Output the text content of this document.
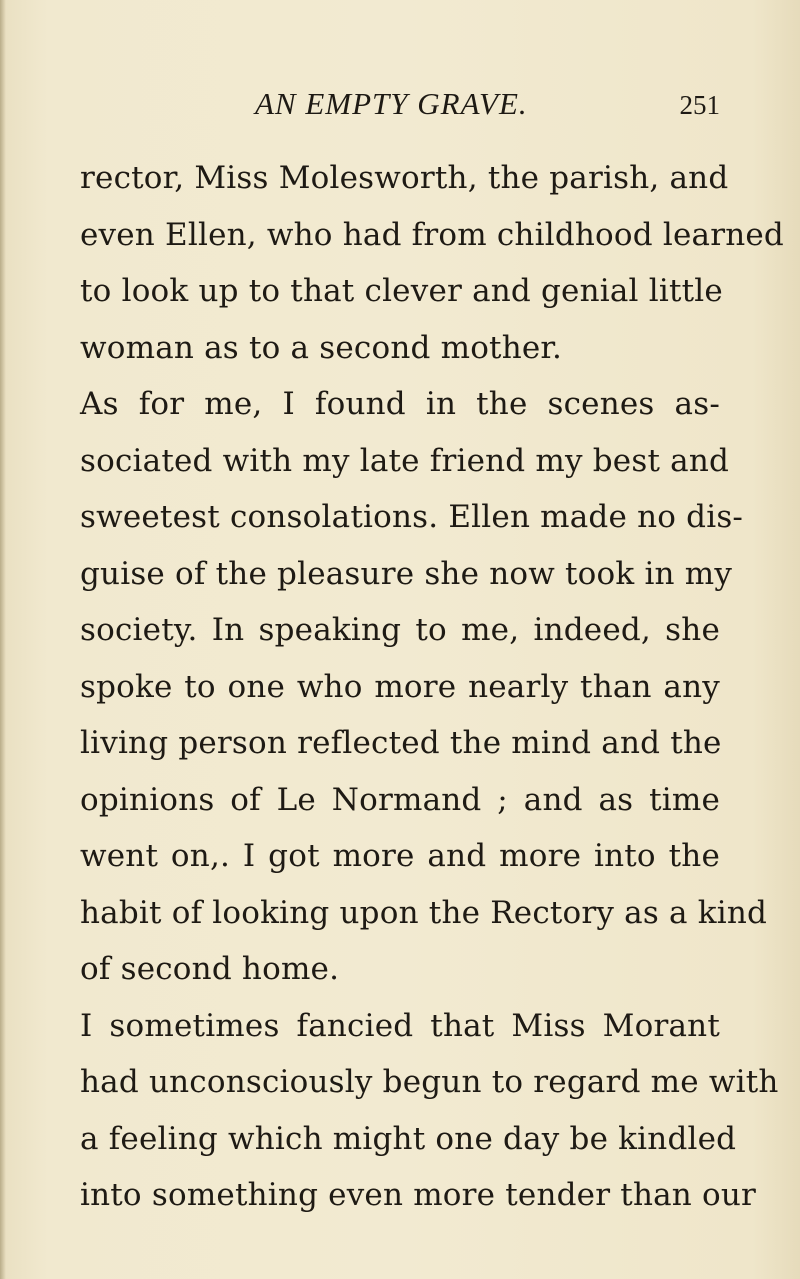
AN EMPTY GRAVE.	251
rector, Miss Molesworth, the parish, and
even Ellen, who had from childhood learned
to look up to that clever and genial little
woman as to a second mother.
As for me, I found in the scenes as-
sociated with my late friend my best and
sweetest consolations. Ellen made no dis-
guise of the pleasure she now took in my
society. In speaking to me, indeed, she
spoke to one who more nearly than any
living person reflected the mind and the
opinions of Le Normand ; and as time
went on,. I got more and more into the
habit of looking upon the Rectory as a kind
of second home.
I sometimes fancied that Miss Morant
had unconsciously begun to regard me with
a feeling which might one day be kindled
into something even more tender than our
